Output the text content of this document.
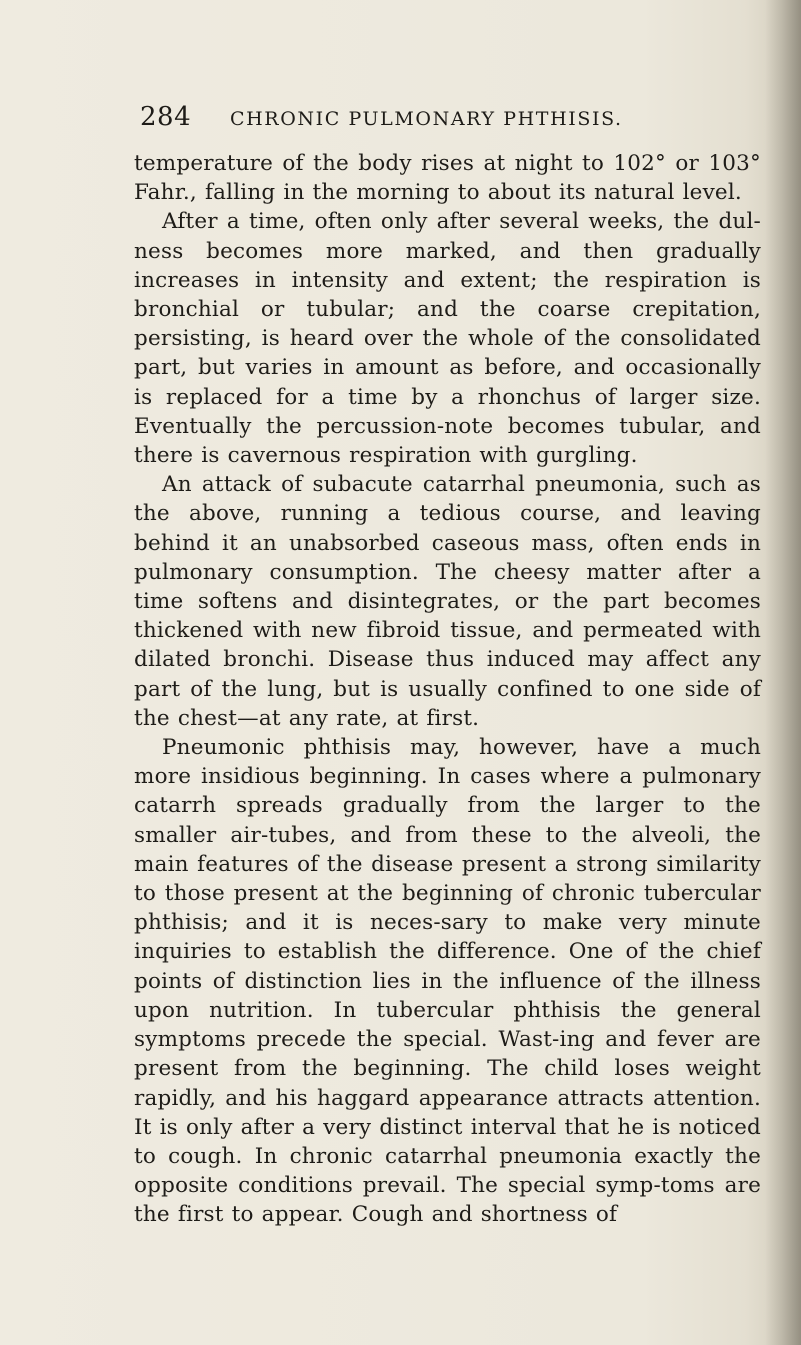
284 CHRONIC PULMONARY PHTHISIS.

temperature of the body rises at night to 102° or 103° Fahr., falling in the morning to about its natural level.

After a time, often only after several weeks, the dul-ness becomes more marked, and then gradually increases in intensity and extent; the respiration is bronchial or tubular; and the coarse crepitation, persisting, is heard over the whole of the consolidated part, but varies in amount as before, and occasionally is replaced for a time by a rhonchus of larger size. Eventually the percussion-note becomes tubular, and there is cavernous respiration with gurgling.

An attack of subacute catarrhal pneumonia, such as the above, running a tedious course, and leaving behind it an unabsorbed caseous mass, often ends in pulmonary consumption. The cheesy matter after a time softens and disintegrates, or the part becomes thickened with new fibroid tissue, and permeated with dilated bronchi. Disease thus induced may affect any part of the lung, but is usually confined to one side of the chest—at any rate, at first.

Pneumonic phthisis may, however, have a much more insidious beginning. In cases where a pulmonary catarrh spreads gradually from the larger to the smaller air-tubes, and from these to the alveoli, the main features of the disease present a strong similarity to those present at the beginning of chronic tubercular phthisis; and it is neces-sary to make very minute inquiries to establish the difference. One of the chief points of distinction lies in the influence of the illness upon nutrition. In tubercular phthisis the general symptoms precede the special. Wast-ing and fever are present from the beginning. The child loses weight rapidly, and his haggard appearance attracts attention. It is only after a very distinct interval that he is noticed to cough. In chronic catarrhal pneumonia exactly the opposite conditions prevail. The special symp-toms are the first to appear. Cough and shortness of
